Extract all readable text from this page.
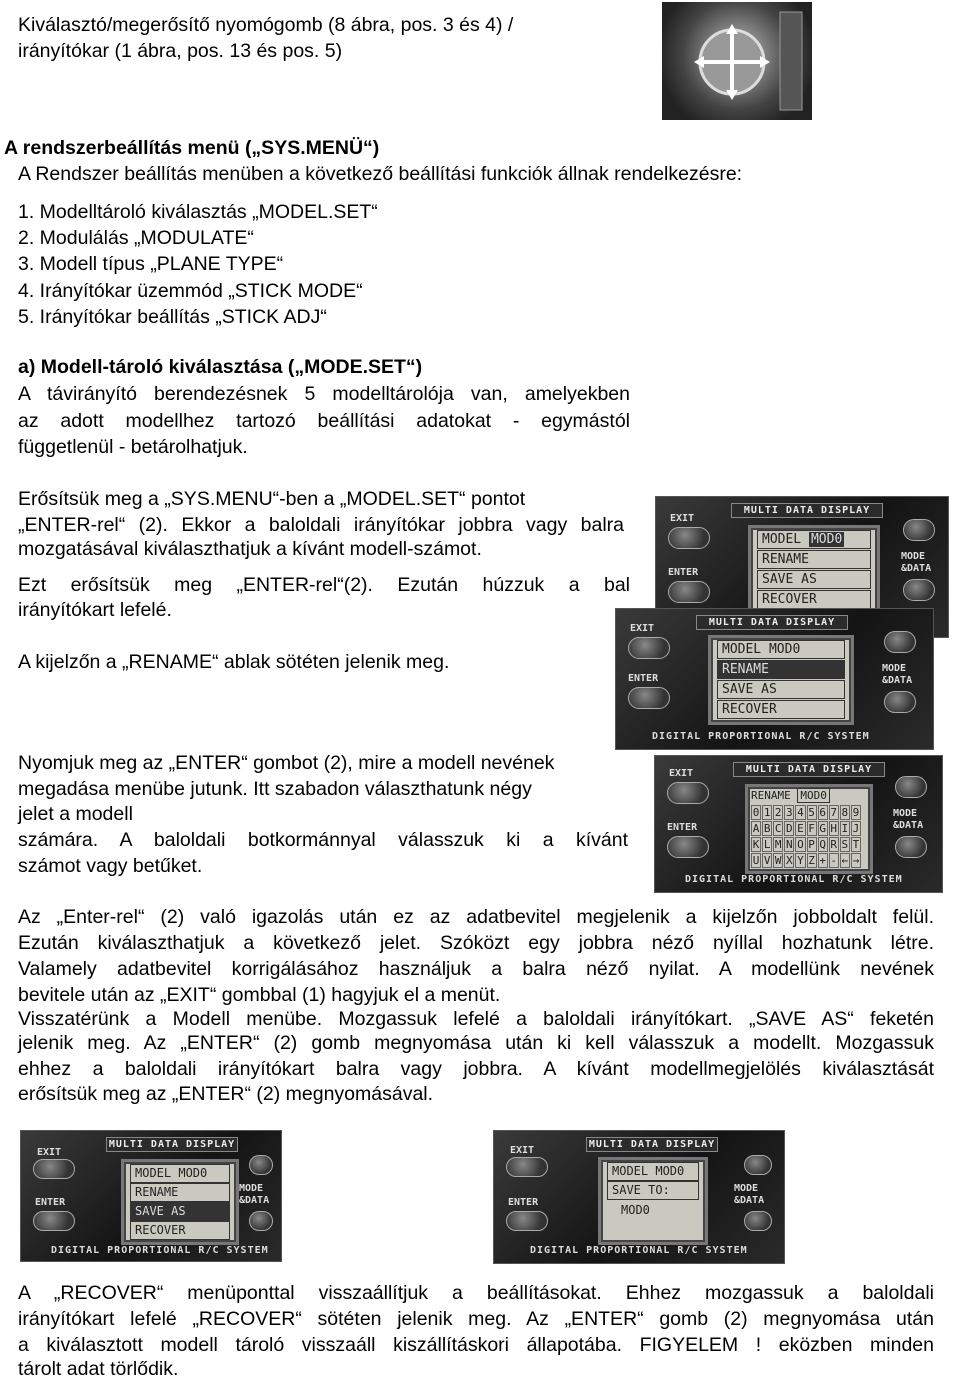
Kiválasztó/megerősítő nyomógomb (8 ábra, pos. 3 és 4) /
irányítókar (1 ábra, pos. 13 és pos. 5)
A rendszerbeállítás menü („SYS.MENÜ“)
A Rendszer beállítás menüben a következő beállítási funkciók állnak rendelkezésre:
1. Modelltároló kiválasztás „MODEL.SET“
2. Modulálás „MODULATE“
3. Modell típus „PLANE TYPE“
4. Irányítókar üzemmód „STICK MODE“
5. Irányítókar beállítás „STICK ADJ“
a) Modell-tároló kiválasztása („MODE.SET“)
A távirányító berendezésnek 5 modelltárolója van, amelyekben
az adott modellhez tartozó beállítási adatokat - egymástól
függetlenül - betárolhatjuk.
Erősítsük meg a „SYS.MENU“-ben a „MODEL.SET“ pontot
„ENTER-rel“ (2). Ekkor a baloldali irányítókar jobbra vagy balra
mozgatásával kiválaszthatjuk a kívánt modell-számot.
Ezt erősítsük meg „ENTER-rel“(2). Ezután húzzuk a bal
irányítókart lefelé.
A kijelzőn a „RENAME“ ablak sötéten jelenik meg.
Nyomjuk meg az „ENTER“ gombot (2), mire a modell nevének
megadása menübe jutunk. Itt szabadon választhatunk négy
jelet a modell
számára. A baloldali botkormánnyal válasszuk ki a kívánt
számot vagy betűket.
Az „Enter-rel“ (2) való igazolás után ez az adatbevitel megjelenik a kijelzőn jobboldalt felül.
Ezután kiválaszthatjuk a következő jelet. Szóközt egy jobbra néző nyíllal hozhatunk létre.
Valamely adatbevitel korrigálásához használjuk a balra néző nyilat. A modellünk nevének
bevitele után az „EXIT“ gombbal (1) hagyjuk el a menüt.
Visszatérünk a Modell menübe. Mozgassuk lefelé a baloldali irányítókart. „SAVE AS“ feketén
jelenik meg. Az „ENTER“ (2) gomb megnyomása után ki kell válasszuk a modellt. Mozgassuk
ehhez a baloldali irányítókart balra vagy jobbra. A kívánt modellmegjelölés kiválasztását
erősítsük meg az „ENTER“ (2) megnyomásával.
A „RECOVER“ menüponttal visszaállítjuk a beállításokat. Ehhez mozgassuk a baloldali
irányítókart lefelé „RECOVER“ sötéten jelenik meg. Az „ENTER“ gomb (2) megnyomása után
a kiválasztott modell tároló visszaáll kiszállításkori állapotába. FIGYELEM ! eközben minden
tárolt adat törlődik.
MULTI DATA DISPLAY
EXIT
ENTER
MODE
&DATA
MODEL MOD0
RENAME
SAVE AS
RECOVER
MULTI DATA DISPLAY
EXIT
ENTER
MODE
&DATA
MODEL MOD0
RENAME
SAVE AS
RECOVER
DIGITAL PROPORTIONAL R/C SYSTEM
MULTI DATA DISPLAY
EXIT
ENTER
MODE
&DATA
RENAME MOD0
0 1 2 3 4 5 6 7 8 9
A B C D E F G H I J
K L M N O P Q R S T
U V W X Y Z + - ← →
DIGITAL PROPORTIONAL R/C SYSTEM
MULTI DATA DISPLAY
EXIT
ENTER
MODE
&DATA
MODEL MOD0
RENAME
SAVE AS
RECOVER
DIGITAL PROPORTIONAL R/C SYSTEM
MULTI DATA DISPLAY
EXIT
ENTER
MODE
&DATA
MODEL MOD0
SAVE TO:
MOD0
DIGITAL PROPORTIONAL R/C SYSTEM
